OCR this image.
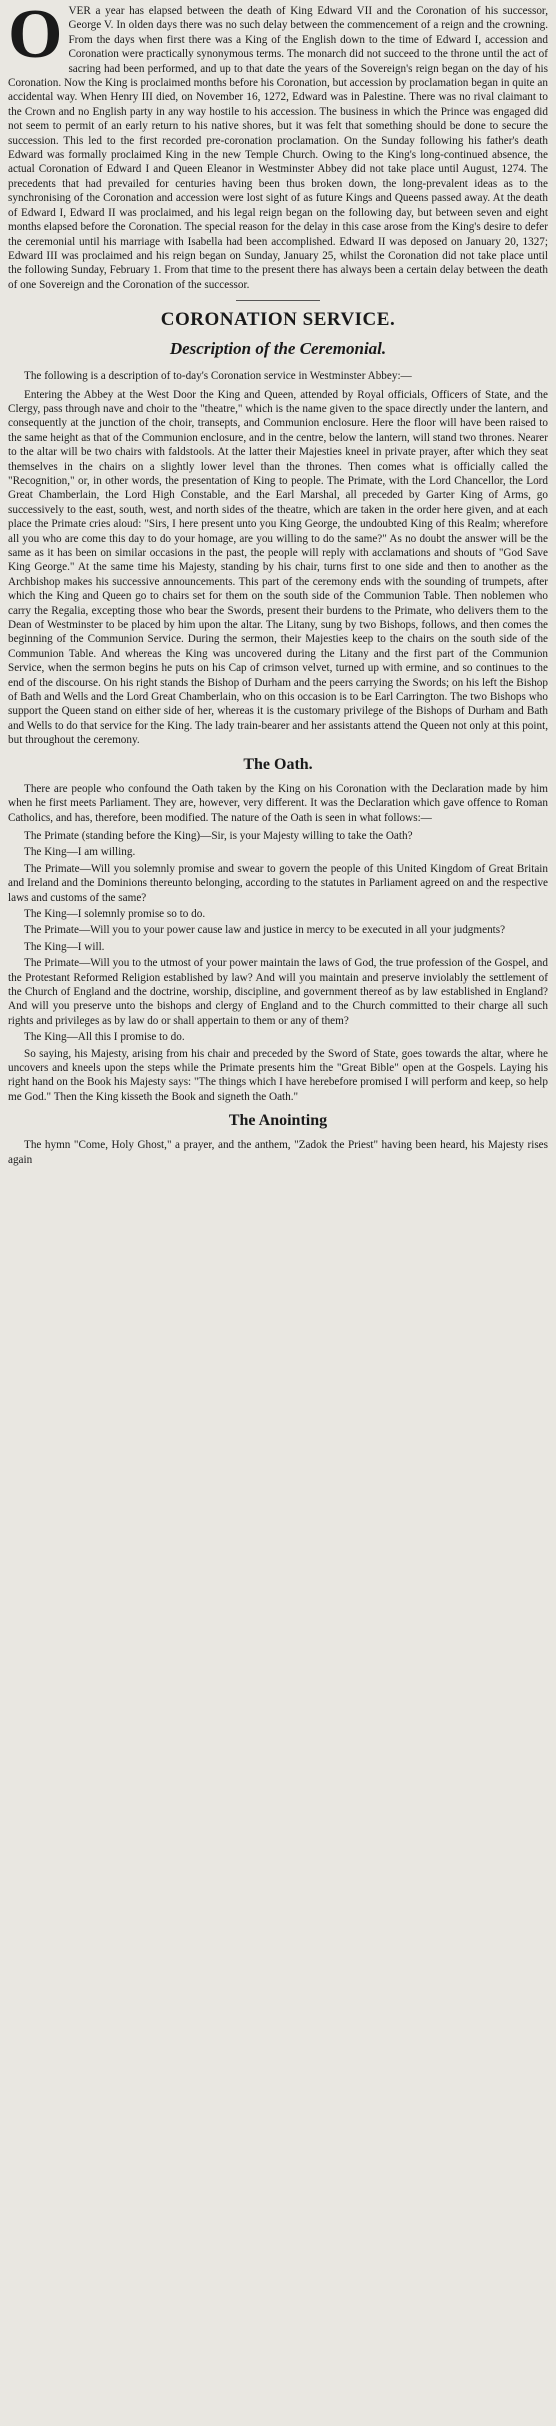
OVER a year has elapsed between the death of King Edward VII and the Coronation of his successor, George V. In olden days there was no such delay between the commencement of a reign and the crowning. From the days when first there was a King of the English down to the time of Edward I, accession and Coronation were practically synonymous terms. The monarch did not succeed to the throne until the act of sacring had been performed, and up to that date the years of the Sovereign's reign began on the day of his Coronation. Now the King is proclaimed months before his Coronation, but accession by proclamation began in quite an accidental way. When Henry III died, on November 16, 1272, Edward was in Palestine. There was no rival claimant to the Crown and no English party in any way hostile to his accession. The business in which the Prince was engaged did not seem to permit of an early return to his native shores, but it was felt that something should be done to secure the succession. This led to the first recorded pre-coronation proclamation. On the Sunday following his father's death Edward was formally proclaimed King in the new Temple Church. Owing to the King's long-continued absence, the actual Coronation of Edward I and Queen Eleanor in Westminster Abbey did not take place until August, 1274. The precedents that had prevailed for centuries having been thus broken down, the long-prevalent ideas as to the synchronising of the Coronation and accession were lost sight of as future Kings and Queens passed away. At the death of Edward I, Edward II was proclaimed, and his legal reign began on the following day, but between seven and eight months elapsed before the Coronation. The special reason for the delay in this case arose from the King's desire to defer the ceremonial until his marriage with Isabella had been accomplished. Edward II was deposed on January 20, 1327; Edward III was proclaimed and his reign began on Sunday, January 25, whilst the Coronation did not take place until the following Sunday, February 1. From that time to the present there has always been a certain delay between the death of one Sovereign and the Coronation of the successor.

CORONATION SERVICE.
Description of the Ceremonial.

The following is a description of to-day's Coronation service in Westminster Abbey:—

Entering the Abbey at the West Door the King and Queen, attended by Royal officials, Officers of State, and the Clergy, pass through nave and choir to the "theatre," which is the name given to the space directly under the lantern, and consequently at the junction of the choir, transepts, and Communion enclosure. Here the floor will have been raised to the same height as that of the Communion enclosure, and in the centre, below the lantern, will stand two thrones. Nearer to the altar will be two chairs with faldstools. At the latter their Majesties kneel in private prayer, after which they seat themselves in the chairs on a slightly lower level than the thrones. Then comes what is officially called the "Recognition," or, in other words, the presentation of King to people. The Primate, with the Lord Chancellor, the Lord Great Chamberlain, the Lord High Constable, and the Earl Marshal, all preceded by Garter King of Arms, go successively to the east, south, west, and north sides of the theatre, which are taken in the order here given, and at each place the Primate cries aloud: "Sirs, I here present unto you King George, the undoubted King of this Realm; wherefore all you who are come this day to do your homage, are you willing to do the same?" As no doubt the answer will be the same as it has been on similar occasions in the past, the people will reply with acclamations and shouts of "God Save King George." At the same time his Majesty, standing by his chair, turns first to one side and then to another as the Archbishop makes his successive announcements. This part of the ceremony ends with the sounding of trumpets, after which the King and Queen go to chairs set for them on the south side of the Communion Table. Then noblemen who carry the Regalia, excepting those who bear the Swords, present their burdens to the Primate, who delivers them to the Dean of Westminster to be placed by him upon the altar. The Litany, sung by two Bishops, follows, and then comes the beginning of the Communion Service. During the sermon, their Majesties keep to the chairs on the south side of the Communion Table. And whereas the King was uncovered during the Litany and the first part of the Communion Service, when the sermon begins he puts on his Cap of crimson velvet, turned up with ermine, and so continues to the end of the discourse. On his right stands the Bishop of Durham and the peers carrying the Swords; on his left the Bishop of Bath and Wells and the Lord Great Chamberlain, who on this occasion is to be Earl Carrington. The two Bishops who support the Queen stand on either side of her, whereas it is the customary privilege of the Bishops of Durham and Bath and Wells to do that service for the King. The lady train-bearer and her assistants attend the Queen not only at this point, but throughout the ceremony.

The Oath.

There are people who confound the Oath taken by the King on his Coronation with the Declaration made by him when he first meets Parliament. They are, however, very different. It was the Declaration which gave offence to Roman Catholics, and has, therefore, been modified. The nature of the Oath is seen in what follows:—

The Primate (standing before the King)—Sir, is your Majesty willing to take the Oath?

The King—I am willing.

The Primate—Will you solemnly promise and swear to govern the people of this United Kingdom of Great Britain and Ireland and the Dominions thereunto belonging, according to the statutes in Parliament agreed on and the respective laws and customs of the same?

The King—I solemnly promise so to do.

The Primate—Will you to your power cause law and justice in mercy to be executed in all your judgments?

The King—I will.

The Primate—Will you to the utmost of your power maintain the laws of God, the true profession of the Gospel, and the Protestant Reformed Religion established by law? And will you maintain and preserve inviolably the settlement of the Church of England and the doctrine, worship, discipline, and government thereof as by law established in England? And will you preserve unto the bishops and clergy of England and to the Church committed to their charge all such rights and privileges as by law do or shall appertain to them or any of them?

The King—All this I promise to do.

So saying, his Majesty, arising from his chair and preceded by the Sword of State, goes towards the altar, where he uncovers and kneels upon the steps while the Primate presents him the "Great Bible" open at the Gospels. Laying his right hand on the Book his Majesty says: "The things which I have herebefore promised I will perform and keep, so help me God." Then the King kisseth the Book and signeth the Oath."

The Anointing

The hymn "Come, Holy Ghost," a prayer, and the anthem, "Zadok the Priest" having been heard, his Majesty rises again
